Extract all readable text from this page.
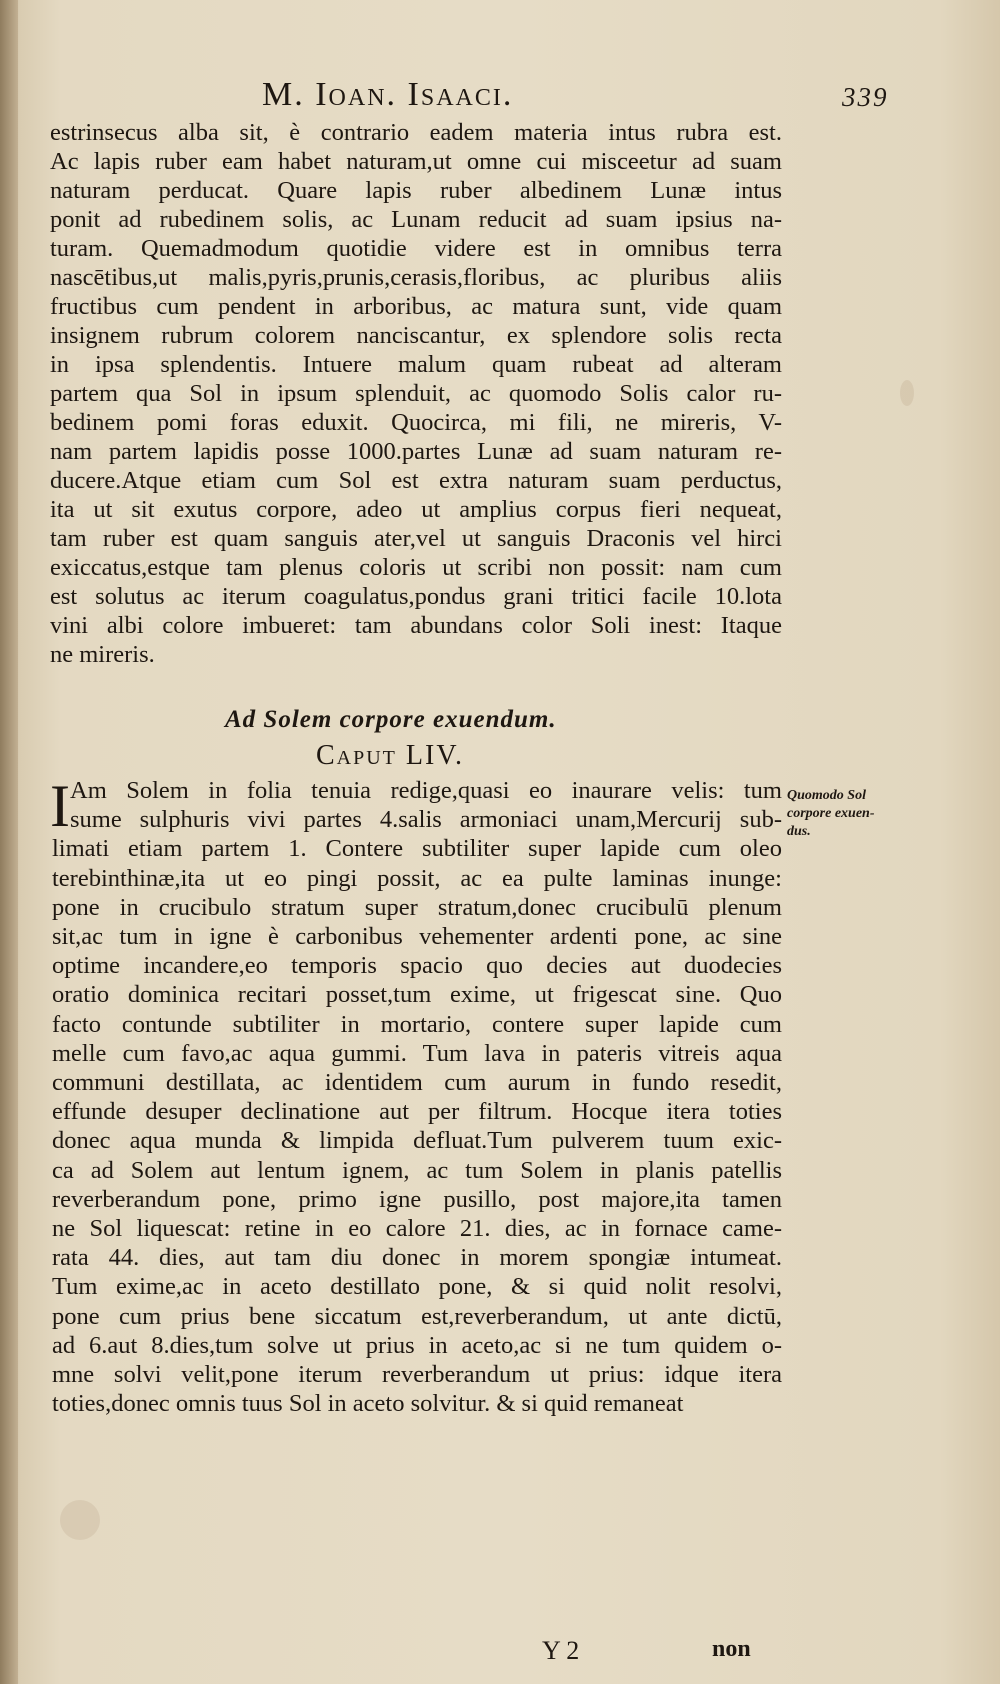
M. Ioan. Isaaci.	339
estrinsecus alba sit, è contrario eadem materia intus rubra est.
Ac lapis ruber eam habet naturam,ut omne cui misceetur ad suam
naturam perducat. Quare lapis ruber albedinem Lunæ intus
ponit ad rubedinem solis, ac Lunam reducit ad suam ipsius na-
turam. Quemadmodum quotidie videre est in omnibus terra
nascētibus,ut malis,pyris,prunis,cerasis,floribus, ac pluribus aliis
fructibus cum pendent in arboribus, ac matura sunt, vide quam
insignem rubrum colorem nanciscantur, ex splendore solis recta
in ipsa splendentis. Intuere malum quam rubeat ad alteram
partem qua Sol in ipsum splenduit, ac quomodo Solis calor ru-
bedinem pomi foras eduxit. Quocirca, mi fili, ne mireris, V-
nam partem lapidis posse 1000.partes Lunæ ad suam naturam re-
ducere.Atque etiam cum Sol est extra naturam suam perductus,
ita ut sit exutus corpore, adeo ut amplius corpus fieri nequeat,
tam ruber est quam sanguis ater,vel ut sanguis Draconis vel hirci
exiccatus,estque tam plenus coloris ut scribi non possit: nam cum
est solutus ac iterum coagulatus,pondus grani tritici facile 10.lota
vini albi colore imbueret: tam abundans color Soli inest: Itaque
ne mireris.
Ad Solem corpore exuendum.
Caput LIV.
I Am Solem in folia tenuia redige,quasi eo inaurare velis: tum
sume sulphuris vivi partes 4.salis armoniaci unam,Mercurij sub-
limati etiam partem 1. Contere subtiliter super lapide cum oleo
terebinthinæ,ita ut eo pingi possit, ac ea pulte laminas inunge:
pone in crucibulo stratum super stratum,donec crucibulū plenum
sit,ac tum in igne è carbonibus vehementer ardenti pone, ac sine
optime incandere,eo temporis spacio quo decies aut duodecies
oratio dominica recitari posset,tum exime, ut frigescat sine. Quo
facto contunde subtiliter in mortario, contere super lapide cum
melle cum favo,ac aqua gummi. Tum lava in pateris vitreis aqua
communi destillata, ac identidem cum aurum in fundo resedit,
effunde desuper declinatione aut per filtrum. Hocque itera toties
donec aqua munda & limpida defluat.Tum pulverem tuum exic-
ca ad Solem aut lentum ignem, ac tum Solem in planis patellis
reverberandum pone, primo igne pusillo, post majore,ita tamen
ne Sol liquescat: retine in eo calore 21. dies, ac in fornace came-
rata 44. dies, aut tam diu donec in morem spongiæ intumeat.
Tum exime,ac in aceto destillato pone, & si quid nolit resolvi,
pone cum prius bene siccatum est,reverberandum, ut ante dictū,
ad 6.aut 8.dies,tum solve ut prius in aceto,ac si ne tum quidem o-
mne solvi velit,pone iterum reverberandum ut prius: idque itera
toties,donec omnis tuus Sol in aceto solvitur. & si quid remaneat
Quomodo Sol
corpore exuen-
dus.
Y 2	non
